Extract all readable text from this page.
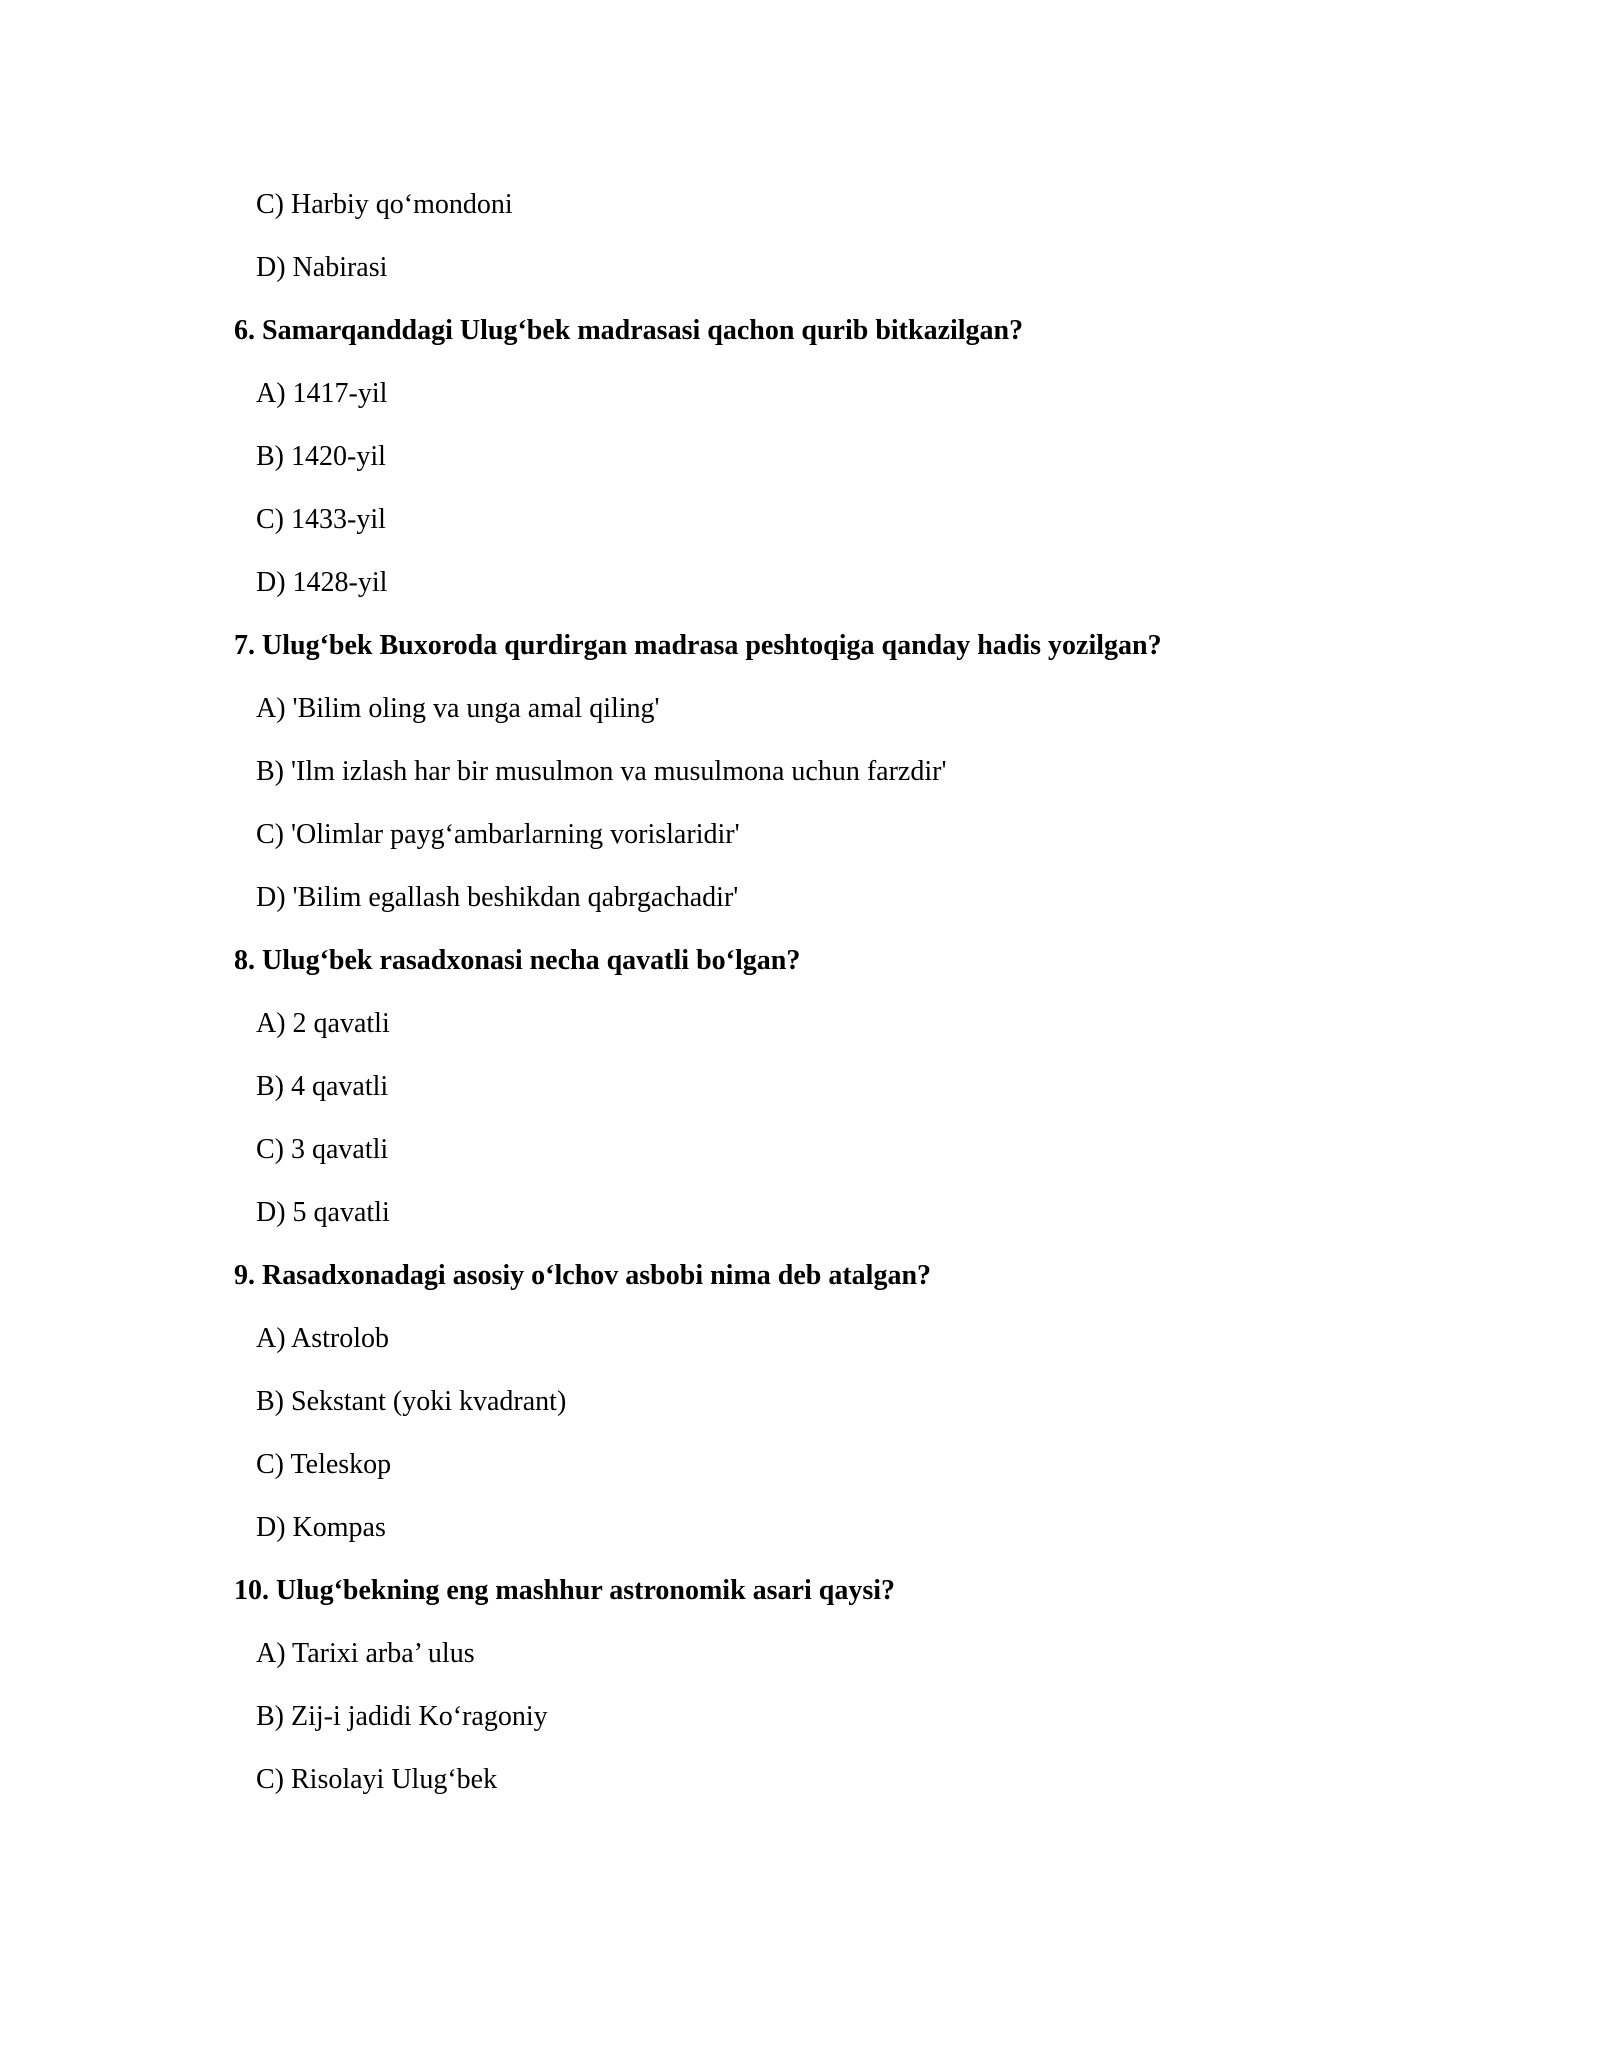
C) Harbiy qo‘mondoni
D) Nabirasi
6. Samarqanddagi Ulug‘bek madrasasi qachon qurib bitkazilgan?
A) 1417-yil
B) 1420-yil
C) 1433-yil
D) 1428-yil
7. Ulug‘bek Buxoroda qurdirgan madrasa peshtoqiga qanday hadis yozilgan?
A) 'Bilim oling va unga amal qiling'
B) 'Ilm izlash har bir musulmon va musulmona uchun farzdir'
C) 'Olimlar payg‘ambarlarning vorislaridir'
D) 'Bilim egallash beshikdan qabrgachadir'
8. Ulug‘bek rasadxonasi necha qavatli bo‘lgan?
A) 2 qavatli
B) 4 qavatli
C) 3 qavatli
D) 5 qavatli
9. Rasadxonadagi asosiy o‘lchov asbobi nima deb atalgan?
A) Astrolob
B) Sekstant (yoki kvadrant)
C) Teleskop
D) Kompas
10. Ulug‘bekning eng mashhur astronomik asari qaysi?
A) Tarixi arba’ ulus
B) Zij-i jadidi Ko‘ragoniy
C) Risolayi Ulug‘bek
